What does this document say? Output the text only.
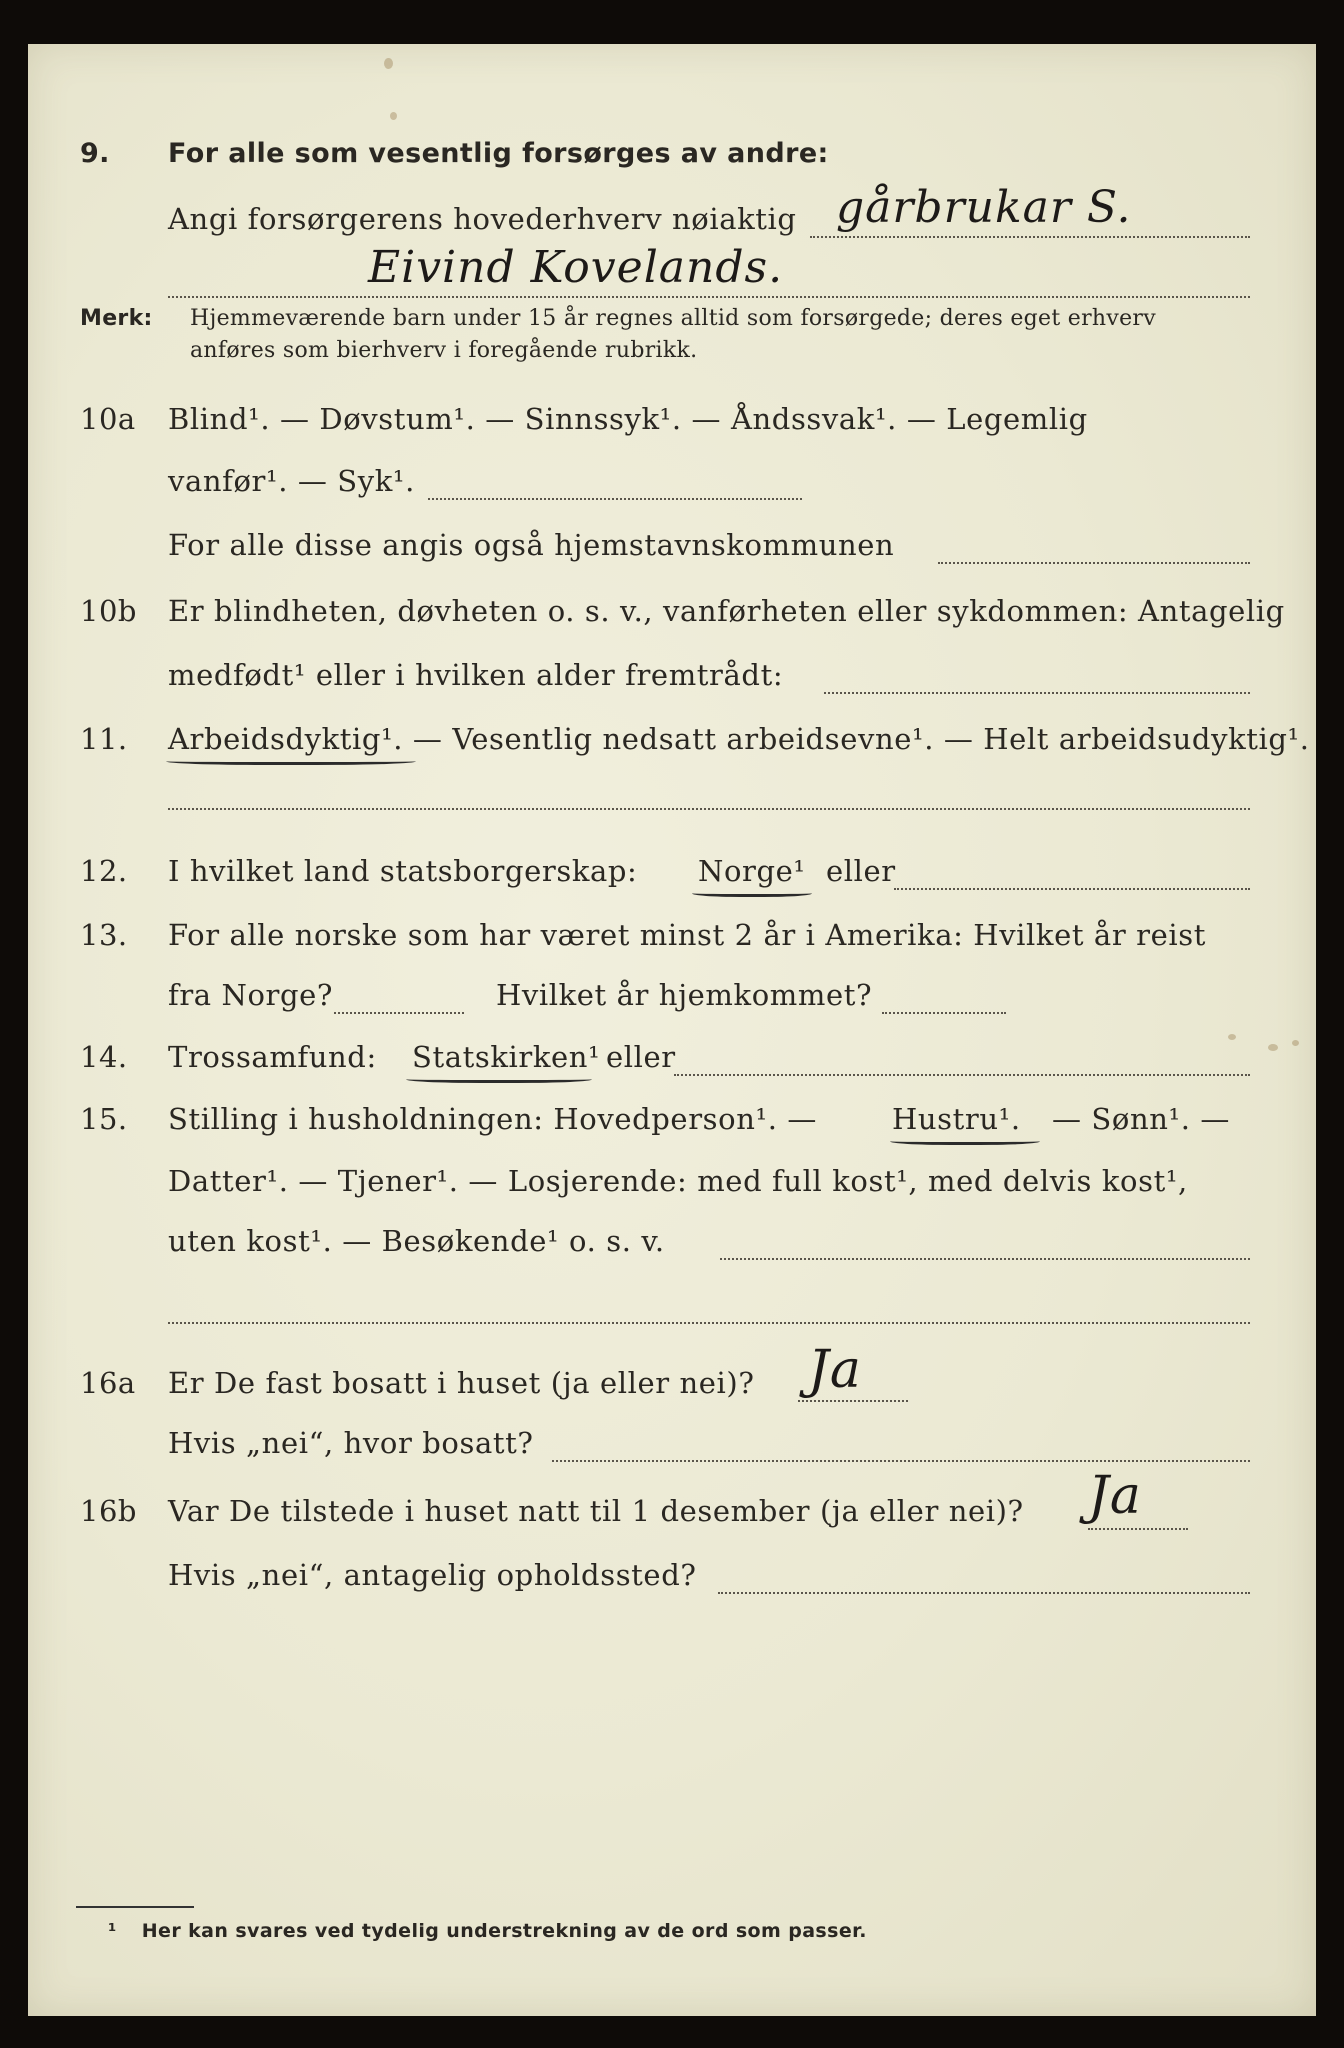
9. For alle som vesentlig forsørges av andre:
Angi forsørgerens hovederhverv nøiaktig gårbrukar S.
Eivind Kovelands.
Merk: Hjemmeværende barn under 15 år regnes alltid som forsørgede; deres eget erhverv
anføres som bierhverv i foregående rubrikk.
10a Blind¹. — Døvstum¹. — Sinnssyk¹. — Åndssvak¹. — Legemlig
vanfør¹. — Syk¹.
For alle disse angis også hjemstavnskommunen
10b Er blindheten, døvheten o. s. v., vanførheten eller sykdommen: Antagelig
medfødt¹ eller i hvilken alder fremtrådt:
11. Arbeidsdyktig¹. — Vesentlig nedsatt arbeidsevne¹. — Helt arbeidsudyktig¹.
12. I hvilket land statsborgerskap: Norge¹ eller
13. For alle norske som har været minst 2 år i Amerika: Hvilket år reist
fra Norge?	Hvilket år hjemkommet?
14. Trossamfund: Statskirken¹ eller
15. Stilling i husholdningen: Hovedperson¹. —	Hustru¹. — Sønn¹. —
Datter¹. — Tjener¹. — Losjerende: med full kost¹, med delvis kost¹,
uten kost¹. — Besøkende¹ o. s. v.
16a Er De fast bosatt i huset (ja eller nei)? Ja
Hvis „nei“, hvor bosatt?
16b Var De tilstede i huset natt til 1 desember (ja eller nei)? Ja
Hvis „nei“, antagelig opholdssted?
¹ Her kan svares ved tydelig understrekning av de ord som passer.
